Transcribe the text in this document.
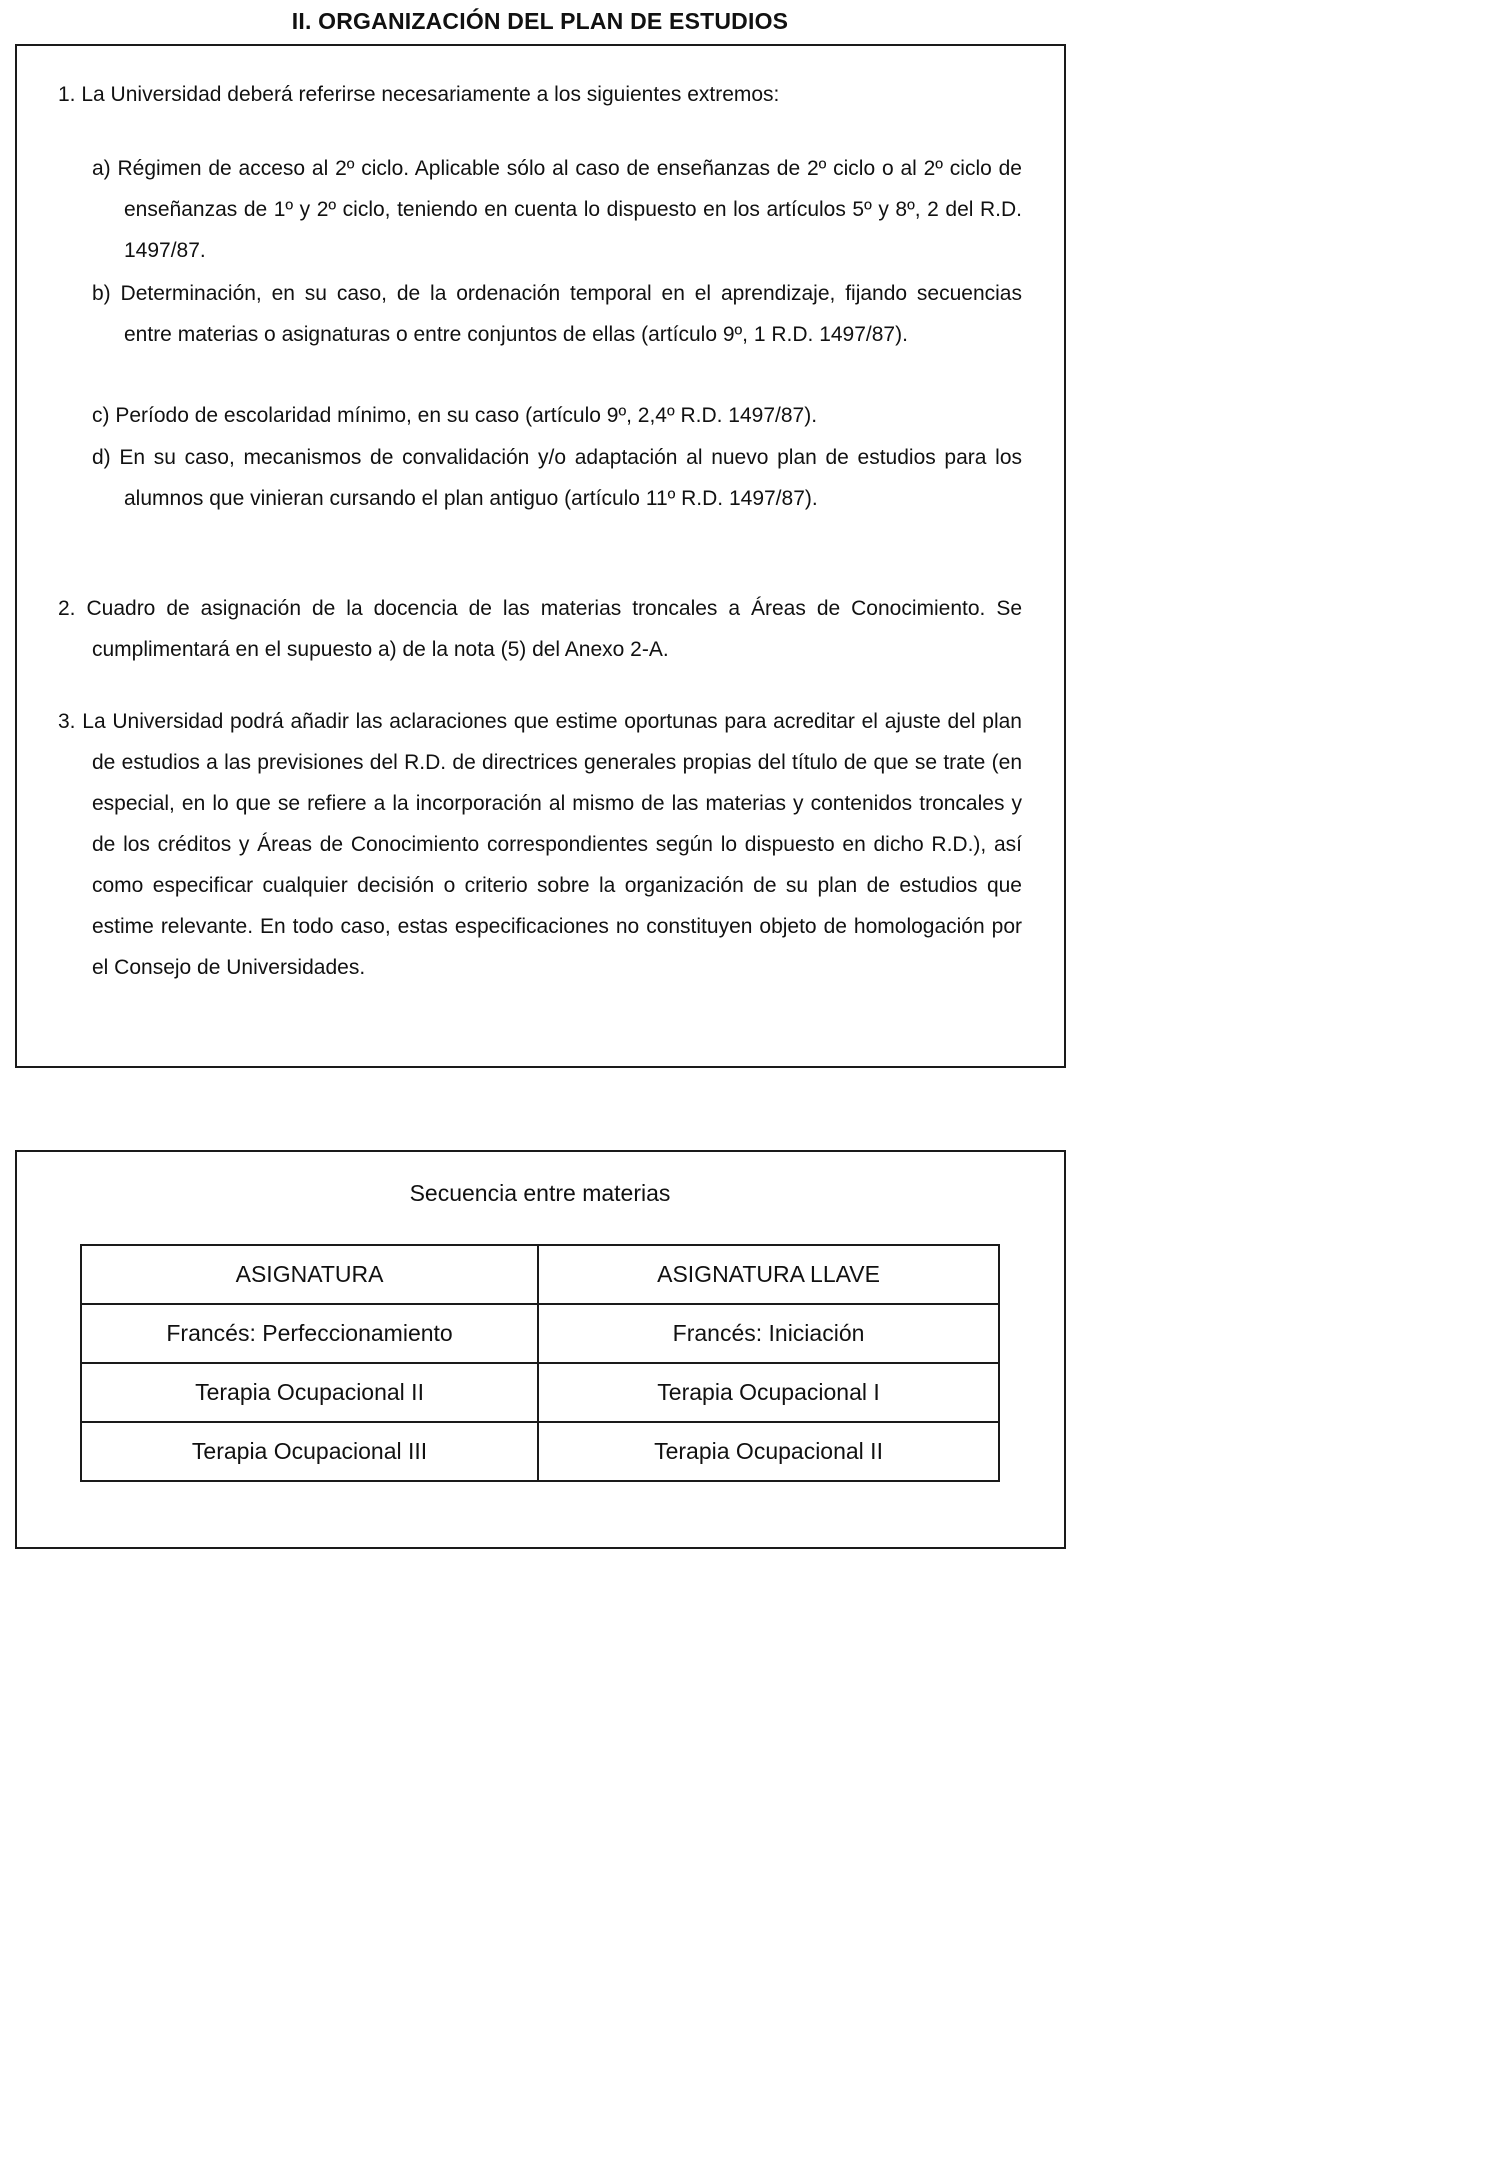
II. ORGANIZACIÓN DEL PLAN DE ESTUDIOS
1. La Universidad deberá referirse necesariamente a los siguientes extremos:
a) Régimen de acceso al 2º ciclo. Aplicable sólo al caso de enseñanzas de 2º ciclo o al 2º ciclo de enseñanzas de 1º y 2º ciclo, teniendo en cuenta lo dispuesto en los artículos 5º y 8º, 2 del R.D. 1497/87.
b) Determinación, en su caso, de la ordenación temporal en el aprendizaje, fijando secuencias entre materias o asignaturas o entre conjuntos de ellas (artículo 9º, 1 R.D. 1497/87).
c) Período de escolaridad mínimo, en su caso (artículo 9º, 2,4º R.D. 1497/87).
d) En su caso, mecanismos de convalidación y/o adaptación al nuevo plan de estudios para los alumnos que vinieran cursando el plan antiguo (artículo 11º R.D. 1497/87).
2. Cuadro de asignación de la docencia de las materias troncales a Áreas de Conocimiento. Se cumplimentará en el supuesto a) de la nota (5) del Anexo 2-A.
3. La Universidad podrá añadir las aclaraciones que estime oportunas para acreditar el ajuste del plan de estudios a las previsiones del R.D. de directrices generales propias del título de que se trate (en especial, en lo que se refiere a la incorporación al mismo de las materias y contenidos troncales y de los créditos y Áreas de Conocimiento correspondientes según lo dispuesto en dicho R.D.), así como especificar cualquier decisión o criterio sobre la organización de su plan de estudios que estime relevante. En todo caso, estas especificaciones no constituyen objeto de homologación por el Consejo de Universidades.
Secuencia entre materias
ASIGNATURA	ASIGNATURA LLAVE
Francés: Perfeccionamiento	Francés: Iniciación
Terapia Ocupacional II	Terapia Ocupacional I
Terapia Ocupacional III	Terapia Ocupacional II
